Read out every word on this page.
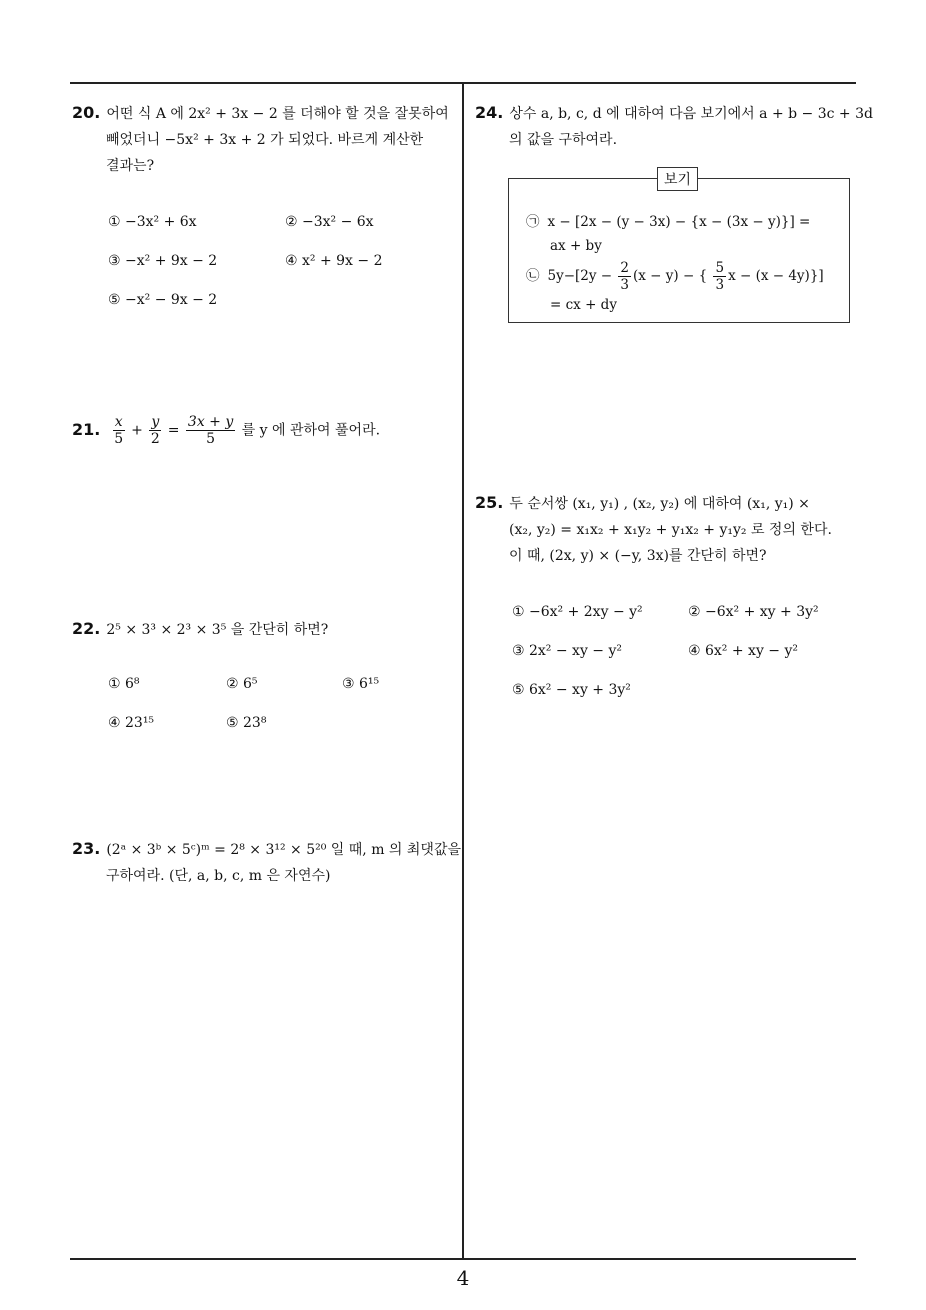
20. 어떤 식 A 에 2x² + 3x − 2 를 더해야 할 것을 잘못하여
빼었더니 −5x² + 3x + 2 가 되었다. 바르게 계산한
결과는?
① −3x² + 6x	② −3x² − 6x
③ −x² + 9x − 2	④ x² + 9x − 2
⑤ −x² − 9x − 2
21. $\frac{x}{5} + \frac{y}{2} = \frac{3x + y}{5}$ 를 y 에 관하여 풀어라.
22. 2⁵ × 3³ × 2³ × 3⁵ 을 간단히 하면?
① 6⁸	② 6⁵	③ 6¹⁵
④ 23¹⁵	⑤ 23⁸
23. (2ᵃ × 3ᵇ × 5ᶜ)ᵐ = 2⁸ × 3¹² × 5²⁰ 일 때, m 의 최댓값을
구하여라. (단, a, b, c, m 은 자연수)
24. 상수 a, b, c, d 에 대하여 다음 보기에서 a + b − 3c + 3d
의 값을 구하여라.
보기
㉠ x − [2x − (y − 3x) − {x − (3x − y)}] =
ax + by
㉡ $5y-[2y - \frac{2}{3} (x - y)$ − { $\frac{5}{3}$ x − (x − 4y)}]
= cx + dy
25. 두 순서쌍 (x₁, y₁) , (x₂, y₂) 에 대하여 (x₁, y₁) ×
(x₂, y₂) = x₁x₂ + x₁y₂ + y₁x₂ + y₁y₂ 로 정의 한다.
이 때, (2x, y) × (−y, 3x)를 간단히 하면?
① −6x² + 2xy − y²	② −6x² + xy + 3y²
③ 2x² − xy − y²	④ 6x² + xy − y²
⑤ 6x² − xy + 3y²
4
